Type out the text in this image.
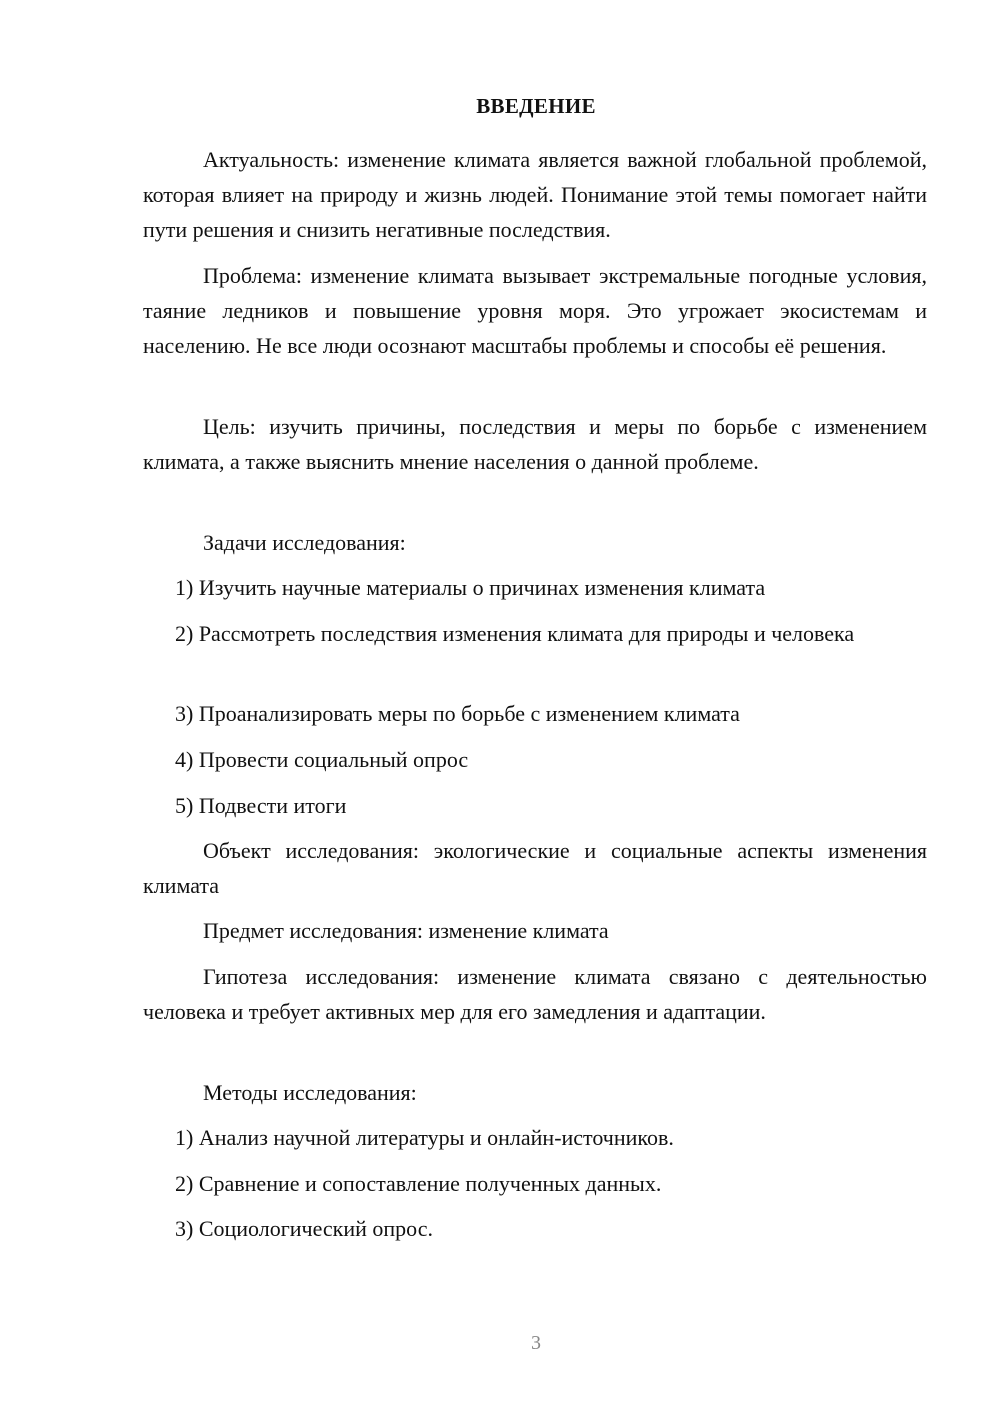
ВВЕДЕНИЕ

Актуальность: изменение климата является важной глобальной проблемой, которая влияет на природу и жизнь людей. Понимание этой темы помогает найти пути решения и снизить негативные последствия.

Проблема: изменение климата вызывает экстремальные погодные условия, таяние ледников и повышение уровня моря. Это угрожает экосистемам и населению. Не все люди осознают масштабы проблемы и способы её решения.

Цель: изучить причины, последствия и меры по борьбе с изменением климата, а также выяснить мнение населения о данной проблеме.

Задачи исследования:

1) Изучить научные материалы о причинах изменения климата

2) Рассмотреть последствия изменения климата для природы и человека

3) Проанализировать меры по борьбе с изменением климата

4) Провести социальный опрос

5) Подвести итоги

Объект исследования: экологические и социальные аспекты изменения климата

Предмет исследования: изменение климата

Гипотеза исследования: изменение климата связано с деятельностью человека и требует активных мер для его замедления и адаптации.

Методы исследования:

1) Анализ научной литературы и онлайн-источников.

2) Сравнение и сопоставление полученных данных.

3) Социологический опрос.

3
